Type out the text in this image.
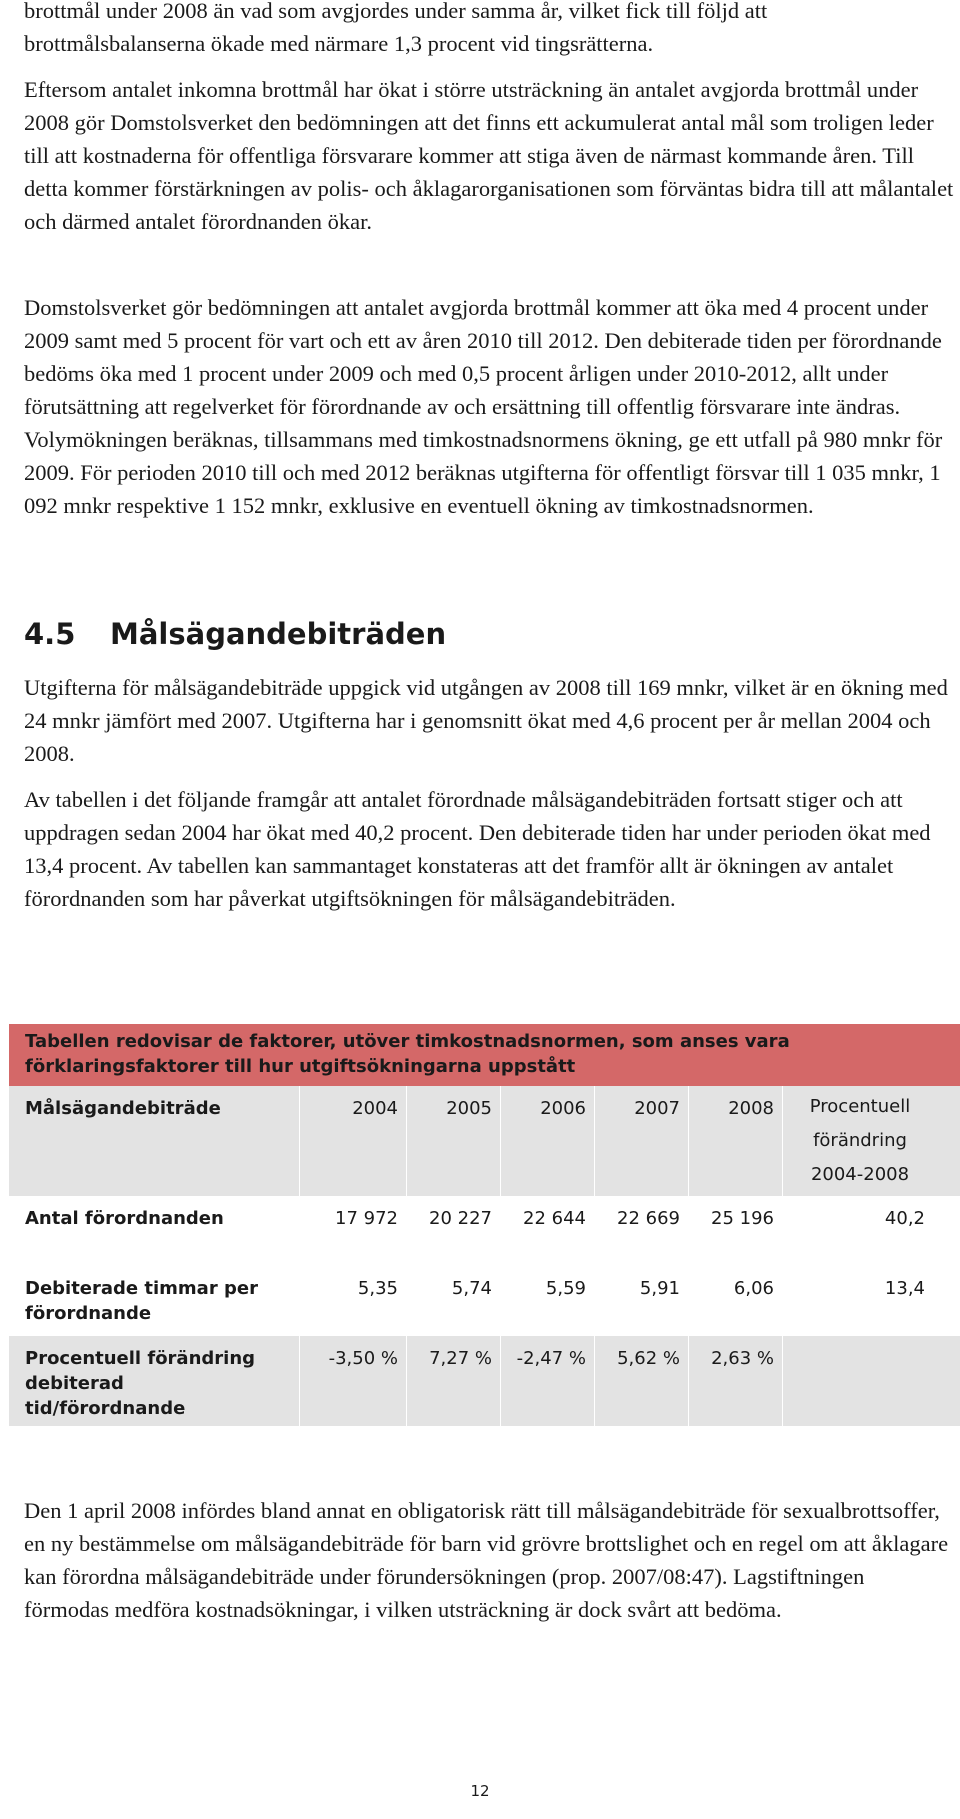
brottmål under 2008 än vad som avgjordes under samma år, vilket fick till följd att brottmålsbalanserna ökade med närmare 1,3 procent vid tingsrätterna.

Eftersom antalet inkomna brottmål har ökat i större utsträckning än antalet avgjorda brottmål under 2008 gör Domstolsverket den bedömningen att det finns ett ackumulerat antal mål som troligen leder till att kostnaderna för offentliga försvarare kommer att stiga även de närmast kommande åren. Till detta kommer förstärkningen av polis- och åklagarorganisationen som förväntas bidra till att målantalet och därmed antalet förordnanden ökar.

Domstolsverket gör bedömningen att antalet avgjorda brottmål kommer att öka med 4 procent under 2009 samt med 5 procent för vart och ett av åren 2010 till 2012. Den debiterade tiden per förordnande bedöms öka med 1 procent under 2009 och med 0,5 procent årligen under 2010-2012, allt under förutsättning att regelverket för förordnande av och ersättning till offentlig försvarare inte ändras. Volymökningen beräknas, tillsammans med timkostnadsnormens ökning, ge ett utfall på 980 mnkr för 2009. För perioden 2010 till och med 2012 beräknas utgifterna för offentligt försvar till 1 035 mnkr, 1 092 mnkr respektive 1 152 mnkr, exklusive en eventuell ökning av timkostnadsnormen.

4.5 Målsägandebiträden

Utgifterna för målsägandebiträde uppgick vid utgången av 2008 till 169 mnkr, vilket är en ökning med 24 mnkr jämfört med 2007. Utgifterna har i genomsnitt ökat med 4,6 procent per år mellan 2004 och 2008.

Av tabellen i det följande framgår att antalet förordnade målsägandebiträden fortsatt stiger och att uppdragen sedan 2004 har ökat med 40,2 procent. Den debiterade tiden har under perioden ökat med 13,4 procent. Av tabellen kan sammantaget konstateras att det framför allt är ökningen av antalet förordnanden som har påverkat utgiftsökningen för målsägandebiträden.

Tabellen redovisar de faktorer, utöver timkostnadsnormen, som anses vara förklaringsfaktorer till hur utgiftsökningarna uppstått
Målsägandebiträde	2004	2005	2006	2007	2008	Procentuell
förändring
2004-2008
Antal förordnanden	17 972	20 227	22 644	22 669	25 196	40,2
Debiterade timmar per förordnande
5,35	5,74	5,59	5,91	6,06	13,4
Procentuell förändring
debiterad
tid/förordnande
-3,50 %	7,27 %	-2,47 %	5,62 %	2,63 %

Den 1 april 2008 infördes bland annat en obligatorisk rätt till målsägandebiträde för sexualbrottsoffer, en ny bestämmelse om målsägandebiträde för barn vid grövre brottslighet och en regel om att åklagare kan förordna målsägandebiträde under förundersökningen (prop. 2007/08:47). Lagstiftningen förmodas medföra kostnadsökningar, i vilken utsträckning är dock svårt att bedöma.

12
